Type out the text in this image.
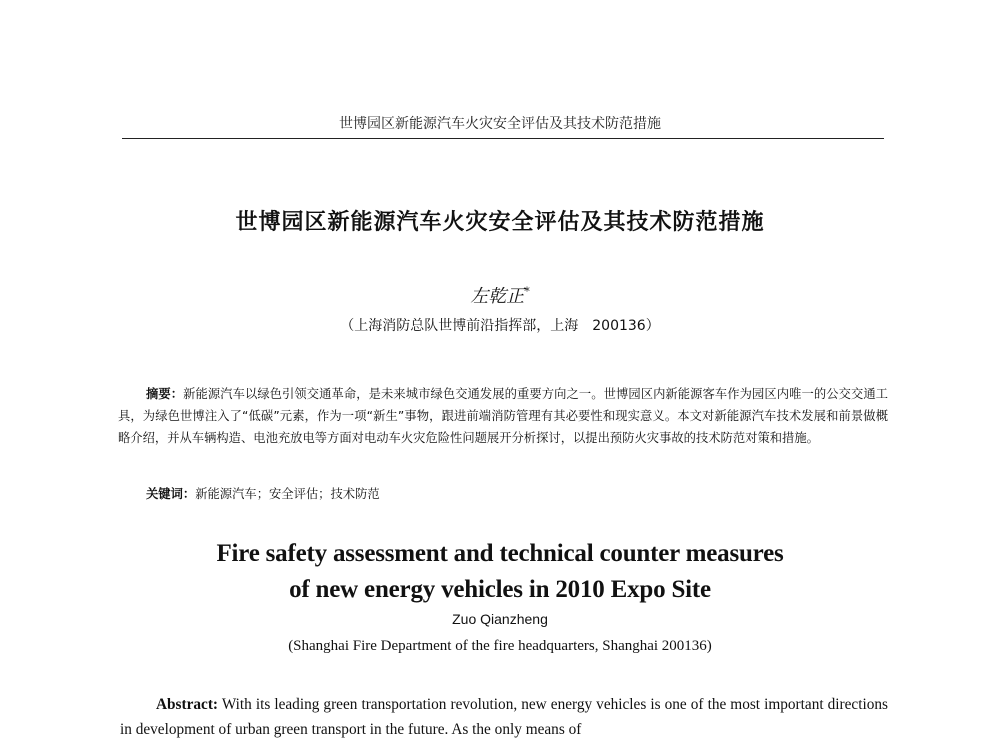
世博园区新能源汽车火灾安全评估及其技术防范措施
世博园区新能源汽车火灾安全评估及其技术防范措施
左乾正*
（上海消防总队世博前沿指挥部，上海　200136）
摘要：新能源汽车以绿色引领交通革命，是未来城市绿色交通发展的重要方向之一。世博园区内新能源客车作为园区内唯一的公交交通工具，为绿色世博注入了“低碳”元素，作为一项“新生”事物，跟进前端消防管理有其必要性和现实意义。本文对新能源汽车技术发展和前景做概略介绍，并从车辆构造、电池充放电等方面对电动车火灾危险性问题展开分析探讨，以提出预防火灾事故的技术防范对策和措施。
关键词：新能源汽车；安全评估；技术防范
Fire safety assessment and technical counter measures
of new energy vehicles in 2010 Expo Site
Zuo Qianzheng
(Shanghai Fire Department of the fire headquarters, Shanghai 200136)
Abstract: With its leading green transportation revolution, new energy vehicles is one of the most important directions in development of urban green transport in the future. As the only means of
